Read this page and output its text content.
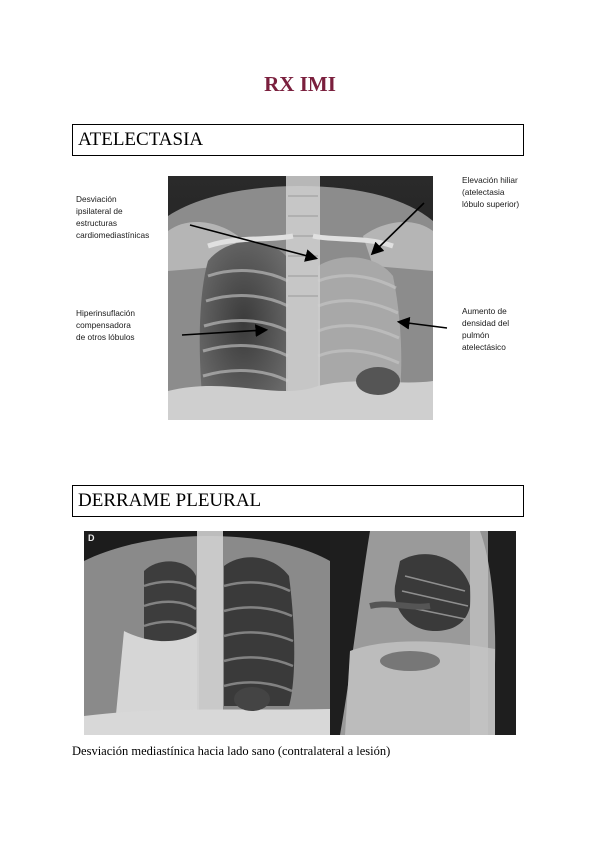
RX IMI
ATELECTASIA
Desviación
ipsilateral de
estructuras
cardiomediastínicas
Hiperinsuflación
compensadora
de otros lóbulos
Elevación hiliar
(atelectasia
lóbulo superior)
Aumento de
densidad del
pulmón
atelectásico
DERRAME PLEURAL
D
Desviación mediastínica hacia lado sano (contralateral a lesión)
